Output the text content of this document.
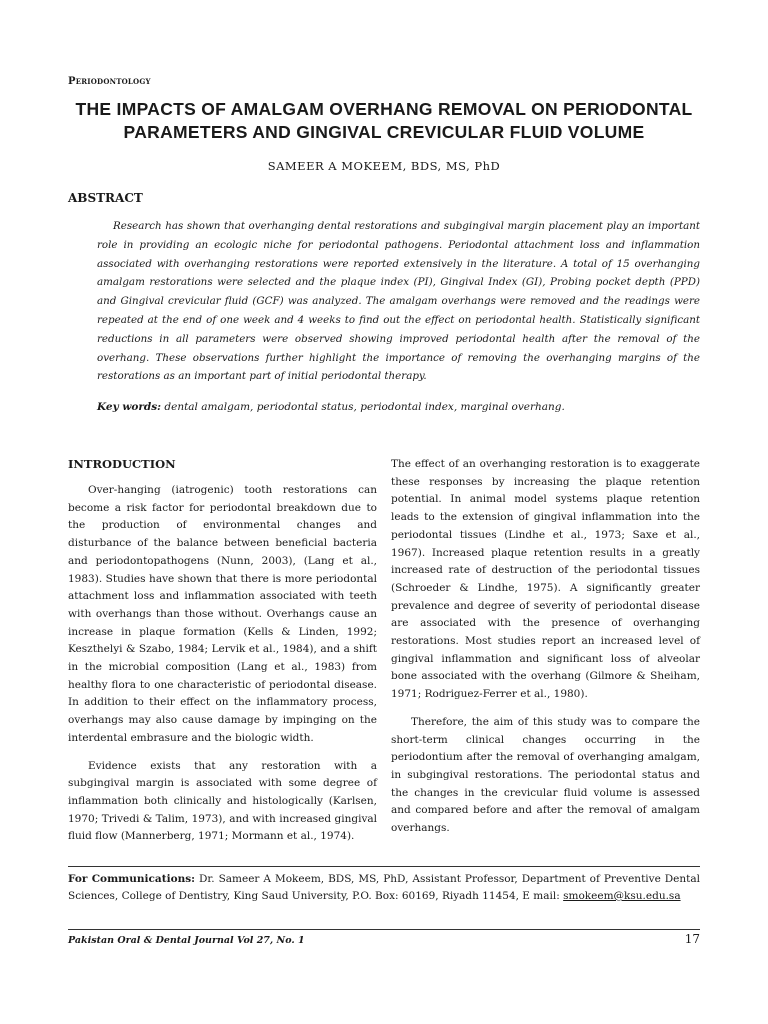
Periodontology
THE IMPACTS OF AMALGAM OVERHANG REMOVAL ON PERIODONTAL PARAMETERS AND GINGIVAL CREVICULAR FLUID VOLUME
SAMEER A MOKEEM, BDS, MS, PhD
ABSTRACT
Research has shown that overhanging dental restorations and subgingival margin placement play an important role in providing an ecologic niche for periodontal pathogens. Periodontal attachment loss and inflammation associated with overhanging restorations were reported extensively in the literature. A total of 15 overhanging amalgam restorations were selected and the plaque index (PI), Gingival Index (GI), Probing pocket depth (PPD) and Gingival crevicular fluid (GCF) was analyzed. The amalgam overhangs were removed and the readings were repeated at the end of one week and 4 weeks to find out the effect on periodontal health. Statistically significant reductions in all parameters were observed showing improved periodontal health after the removal of the overhang. These observations further highlight the importance of removing the overhanging margins of the restorations as an important part of initial periodontal therapy.
Key words: dental amalgam, periodontal status, periodontal index, marginal overhang.
INTRODUCTION

Over-hanging (iatrogenic) tooth restorations can become a risk factor for periodontal breakdown due to the production of environmental changes and disturbance of the balance between beneficial bacteria and periodontopathogens (Nunn, 2003), (Lang et al., 1983). Studies have shown that there is more periodontal attachment loss and inflammation associated with teeth with overhangs than those without. Overhangs cause an increase in plaque formation (Kells & Linden, 1992; Keszthelyi & Szabo, 1984; Lervik et al., 1984), and a shift in the microbial composition (Lang et al., 1983) from healthy flora to one characteristic of periodontal disease. In addition to their effect on the inflammatory process, overhangs may also cause damage by impinging on the interdental embrasure and the biologic width.

Evidence exists that any restoration with a subgingival margin is associated with some degree of inflammation both clinically and histologically (Karlsen, 1970; Trivedi & Talim, 1973), and with increased gingival fluid flow (Mannerberg, 1971; Mormann et al., 1974).

The effect of an overhanging restoration is to exaggerate these responses by increasing the plaque retention potential. In animal model systems plaque retention leads to the extension of gingival inflammation into the periodontal tissues (Lindhe et al., 1973; Saxe et al., 1967). Increased plaque retention results in a greatly increased rate of destruction of the periodontal tissues (Schroeder & Lindhe, 1975). A significantly greater prevalence and degree of severity of periodontal disease are associated with the presence of overhanging restorations. Most studies report an increased level of gingival inflammation and significant loss of alveolar bone associated with the overhang (Gilmore & Sheiham, 1971; Rodriguez-Ferrer et al., 1980).

Therefore, the aim of this study was to compare the short-term clinical changes occurring in the periodontium after the removal of overhanging amalgam, in subgingival restorations. The periodontal status and the changes in the crevicular fluid volume is assessed and compared before and after the removal of amalgam overhangs.

For Communications: Dr. Sameer A Mokeem, BDS, MS, PhD, Assistant Professor, Department of Preventive Dental Sciences, College of Dentistry, King Saud University, P.O. Box: 60169, Riyadh 11454, E mail: smokeem@ksu.edu.sa
Pakistan Oral & Dental Journal Vol 27, No. 1	17
